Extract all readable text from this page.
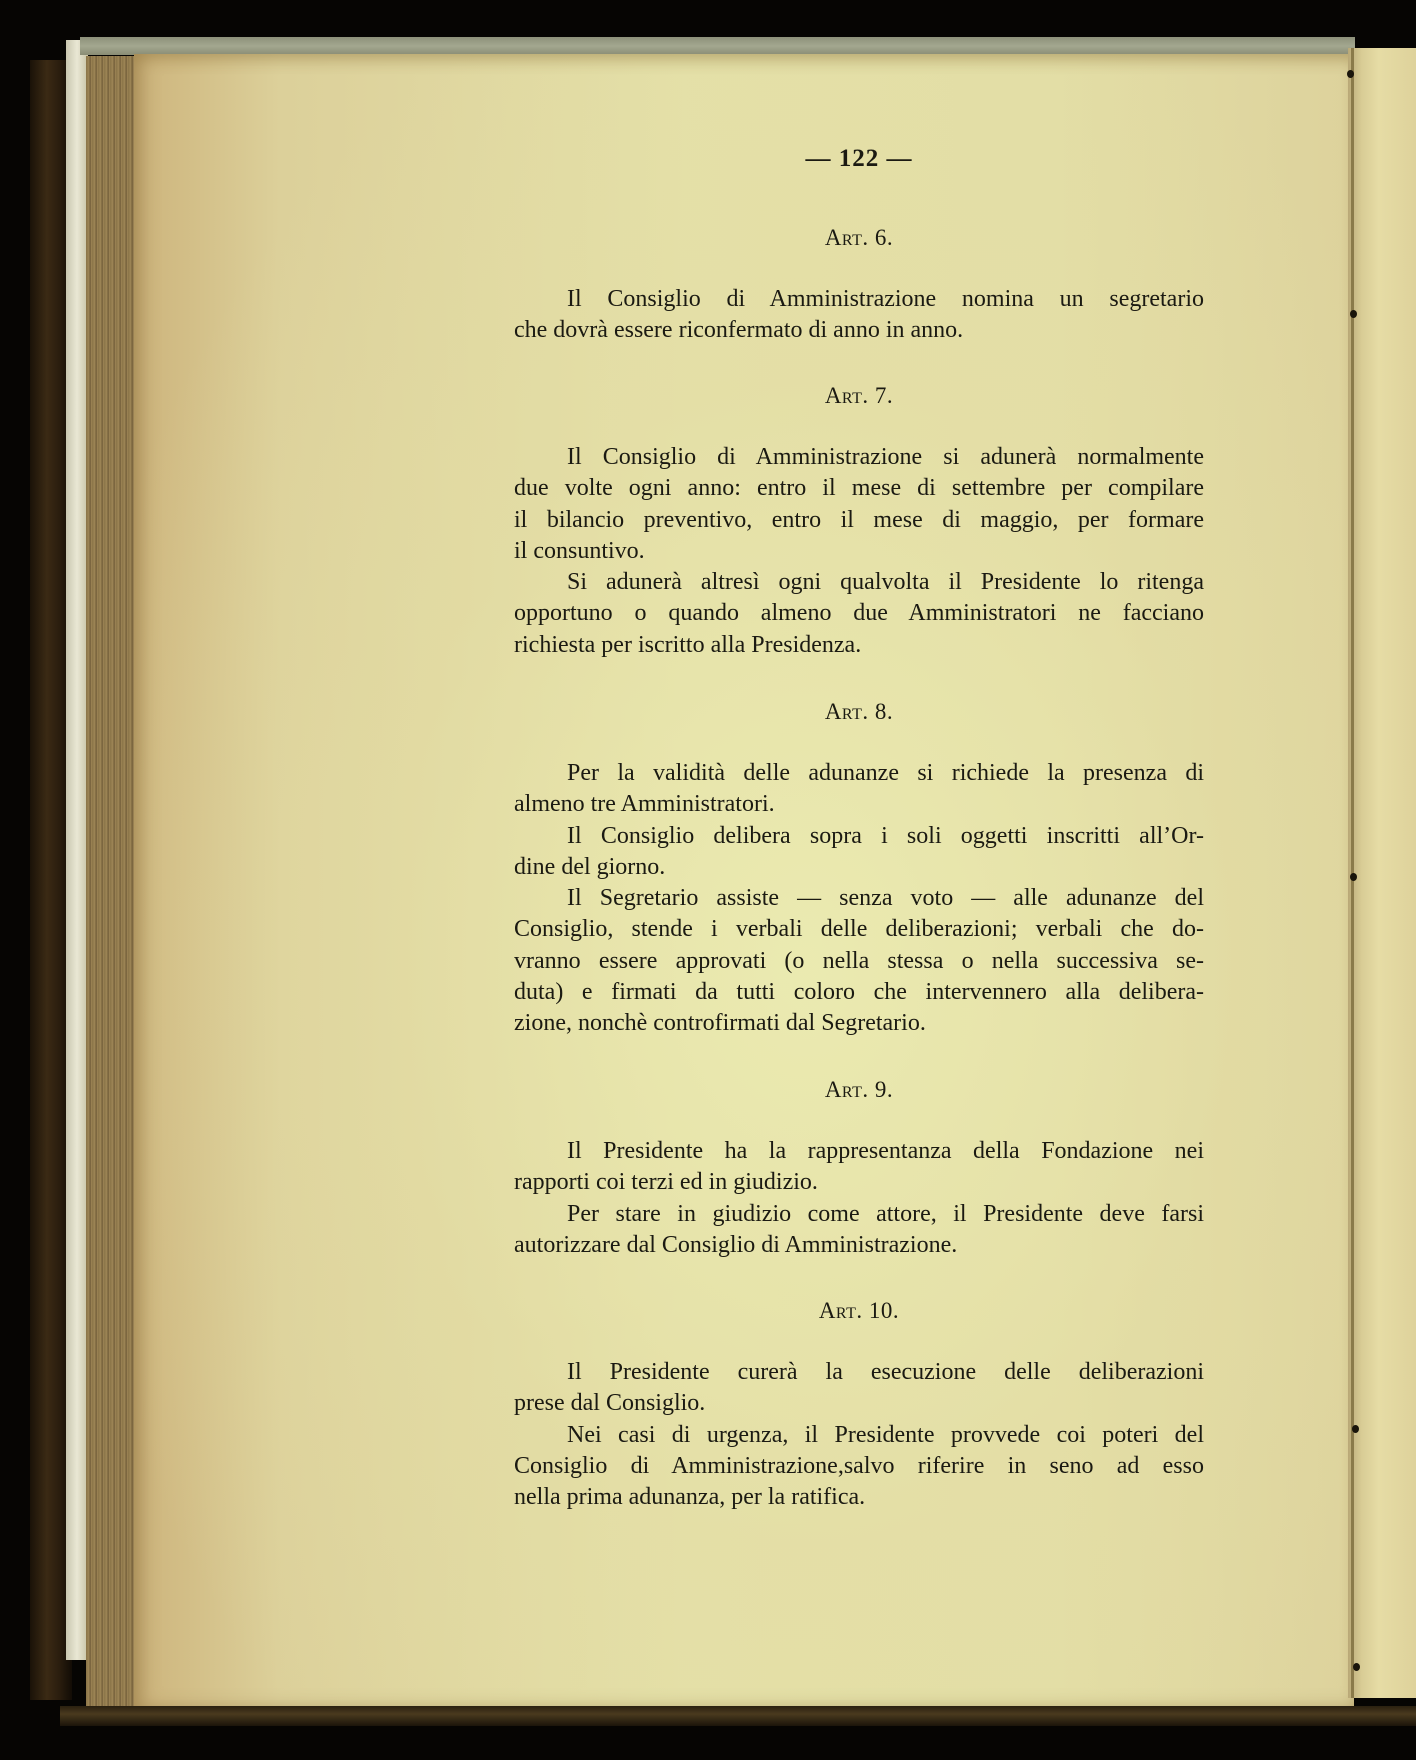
— 122 —
Art. 6.

Il Consiglio di Amministrazione nomina un segretario
che dovrà essere riconfermato di anno in anno.

Art. 7.

Il Consiglio di Amministrazione si adunerà normalmente
due volte ogni anno: entro il mese di settembre per compilare
il bilancio preventivo, entro il mese di maggio, per formare
il consuntivo.

Si adunerà altresì ogni qualvolta il Presidente lo ritenga
opportuno o quando almeno due Amministratori ne facciano
richiesta per iscritto alla Presidenza.

Art. 8.

Per la validità delle adunanze si richiede la presenza di
almeno tre Amministratori.

Il Consiglio delibera sopra i soli oggetti inscritti all’Or-
dine del giorno.

Il Segretario assiste — senza voto — alle adunanze del
Consiglio, stende i verbali delle deliberazioni; verbali che do-
vranno essere approvati (o nella stessa o nella successiva se-
duta) e firmati da tutti coloro che intervennero alla delibera-
zione, nonchè controfirmati dal Segretario.

Art. 9.

Il Presidente ha la rappresentanza della Fondazione nei
rapporti coi terzi ed in giudizio.

Per stare in giudizio come attore, il Presidente deve farsi
autorizzare dal Consiglio di Amministrazione.

Art. 10.

Il Presidente curerà la esecuzione delle deliberazioni
prese dal Consiglio.

Nei casi di urgenza, il Presidente provvede coi poteri del
Consiglio di Amministrazione,salvo riferire in seno ad esso
nella prima adunanza, per la ratifica.
